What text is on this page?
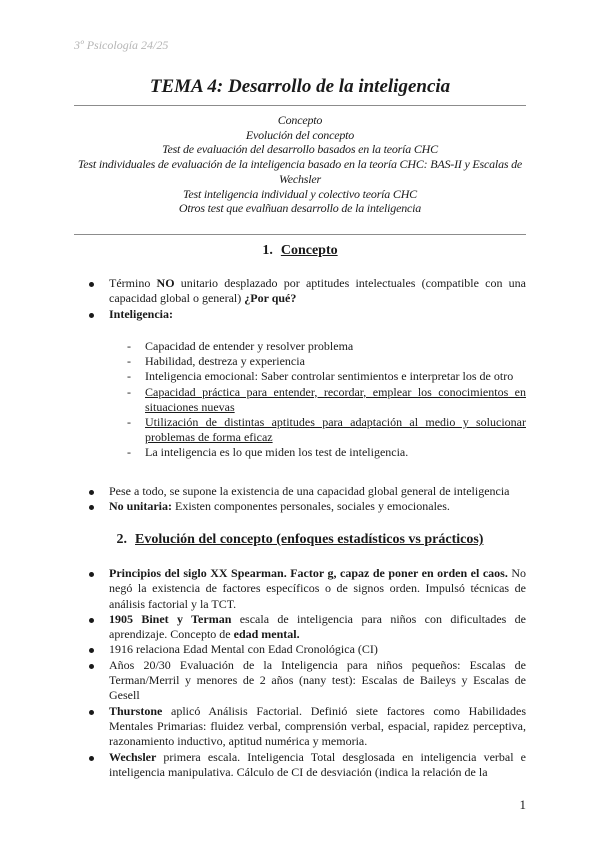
3º Psicología 24/25
TEMA 4: Desarrollo de la inteligencia
Concepto
Evolución del concepto
Test de evaluación del desarrollo basados en la teoría CHC
Test individuales de evaluación de la inteligencia basado en la teoría CHC: BAS-II y Escalas de Wechsler
Test inteligencia individual y colectivo teoría CHC
Otros test que evalñuan desarrollo de la inteligencia
1. Concepto
Término NO unitario desplazado por aptitudes intelectuales (compatible con una capacidad global o general) ¿Por qué?
Inteligencia:
- Capacidad de entender y resolver problema
- Habilidad, destreza y experiencia
- Inteligencia emocional: Saber controlar sentimientos e interpretar los de otro
- Capacidad práctica para entender, recordar, emplear los conocimientos en situaciones nuevas
- Utilización de distintas aptitudes para adaptación al medio y solucionar problemas de forma eficaz
- La inteligencia es lo que miden los test de inteligencia.
Pese a todo, se supone la existencia de una capacidad global general de inteligencia
No unitaria: Existen componentes personales, sociales y emocionales.
2. Evolución del concepto (enfoques estadísticos vs prácticos)
Principios del siglo XX Spearman. Factor g, capaz de poner en orden el caos. No negó la existencia de factores específicos o de signos orden. Impulsó técnicas de análisis factorial y la TCT.
1905 Binet y Terman escala de inteligencia para niños con dificultades de aprendizaje. Concepto de edad mental.
1916 relaciona Edad Mental con Edad Cronológica (CI)
Años 20/30 Evaluación de la Inteligencia para niños pequeños: Escalas de Terman/Merril y menores de 2 años (nany test): Escalas de Baileys y Escalas de Gesell
Thurstone aplicó Análisis Factorial. Definió siete factores como Habilidades Mentales Primarias: fluidez verbal, comprensión verbal, espacial, rapidez perceptiva, razonamiento inductivo, aptitud numérica y memoria.
Wechsler primera escala. Inteligencia Total desglosada en inteligencia verbal e inteligencia manipulativa. Cálculo de CI de desviación (indica la relación de la
1
